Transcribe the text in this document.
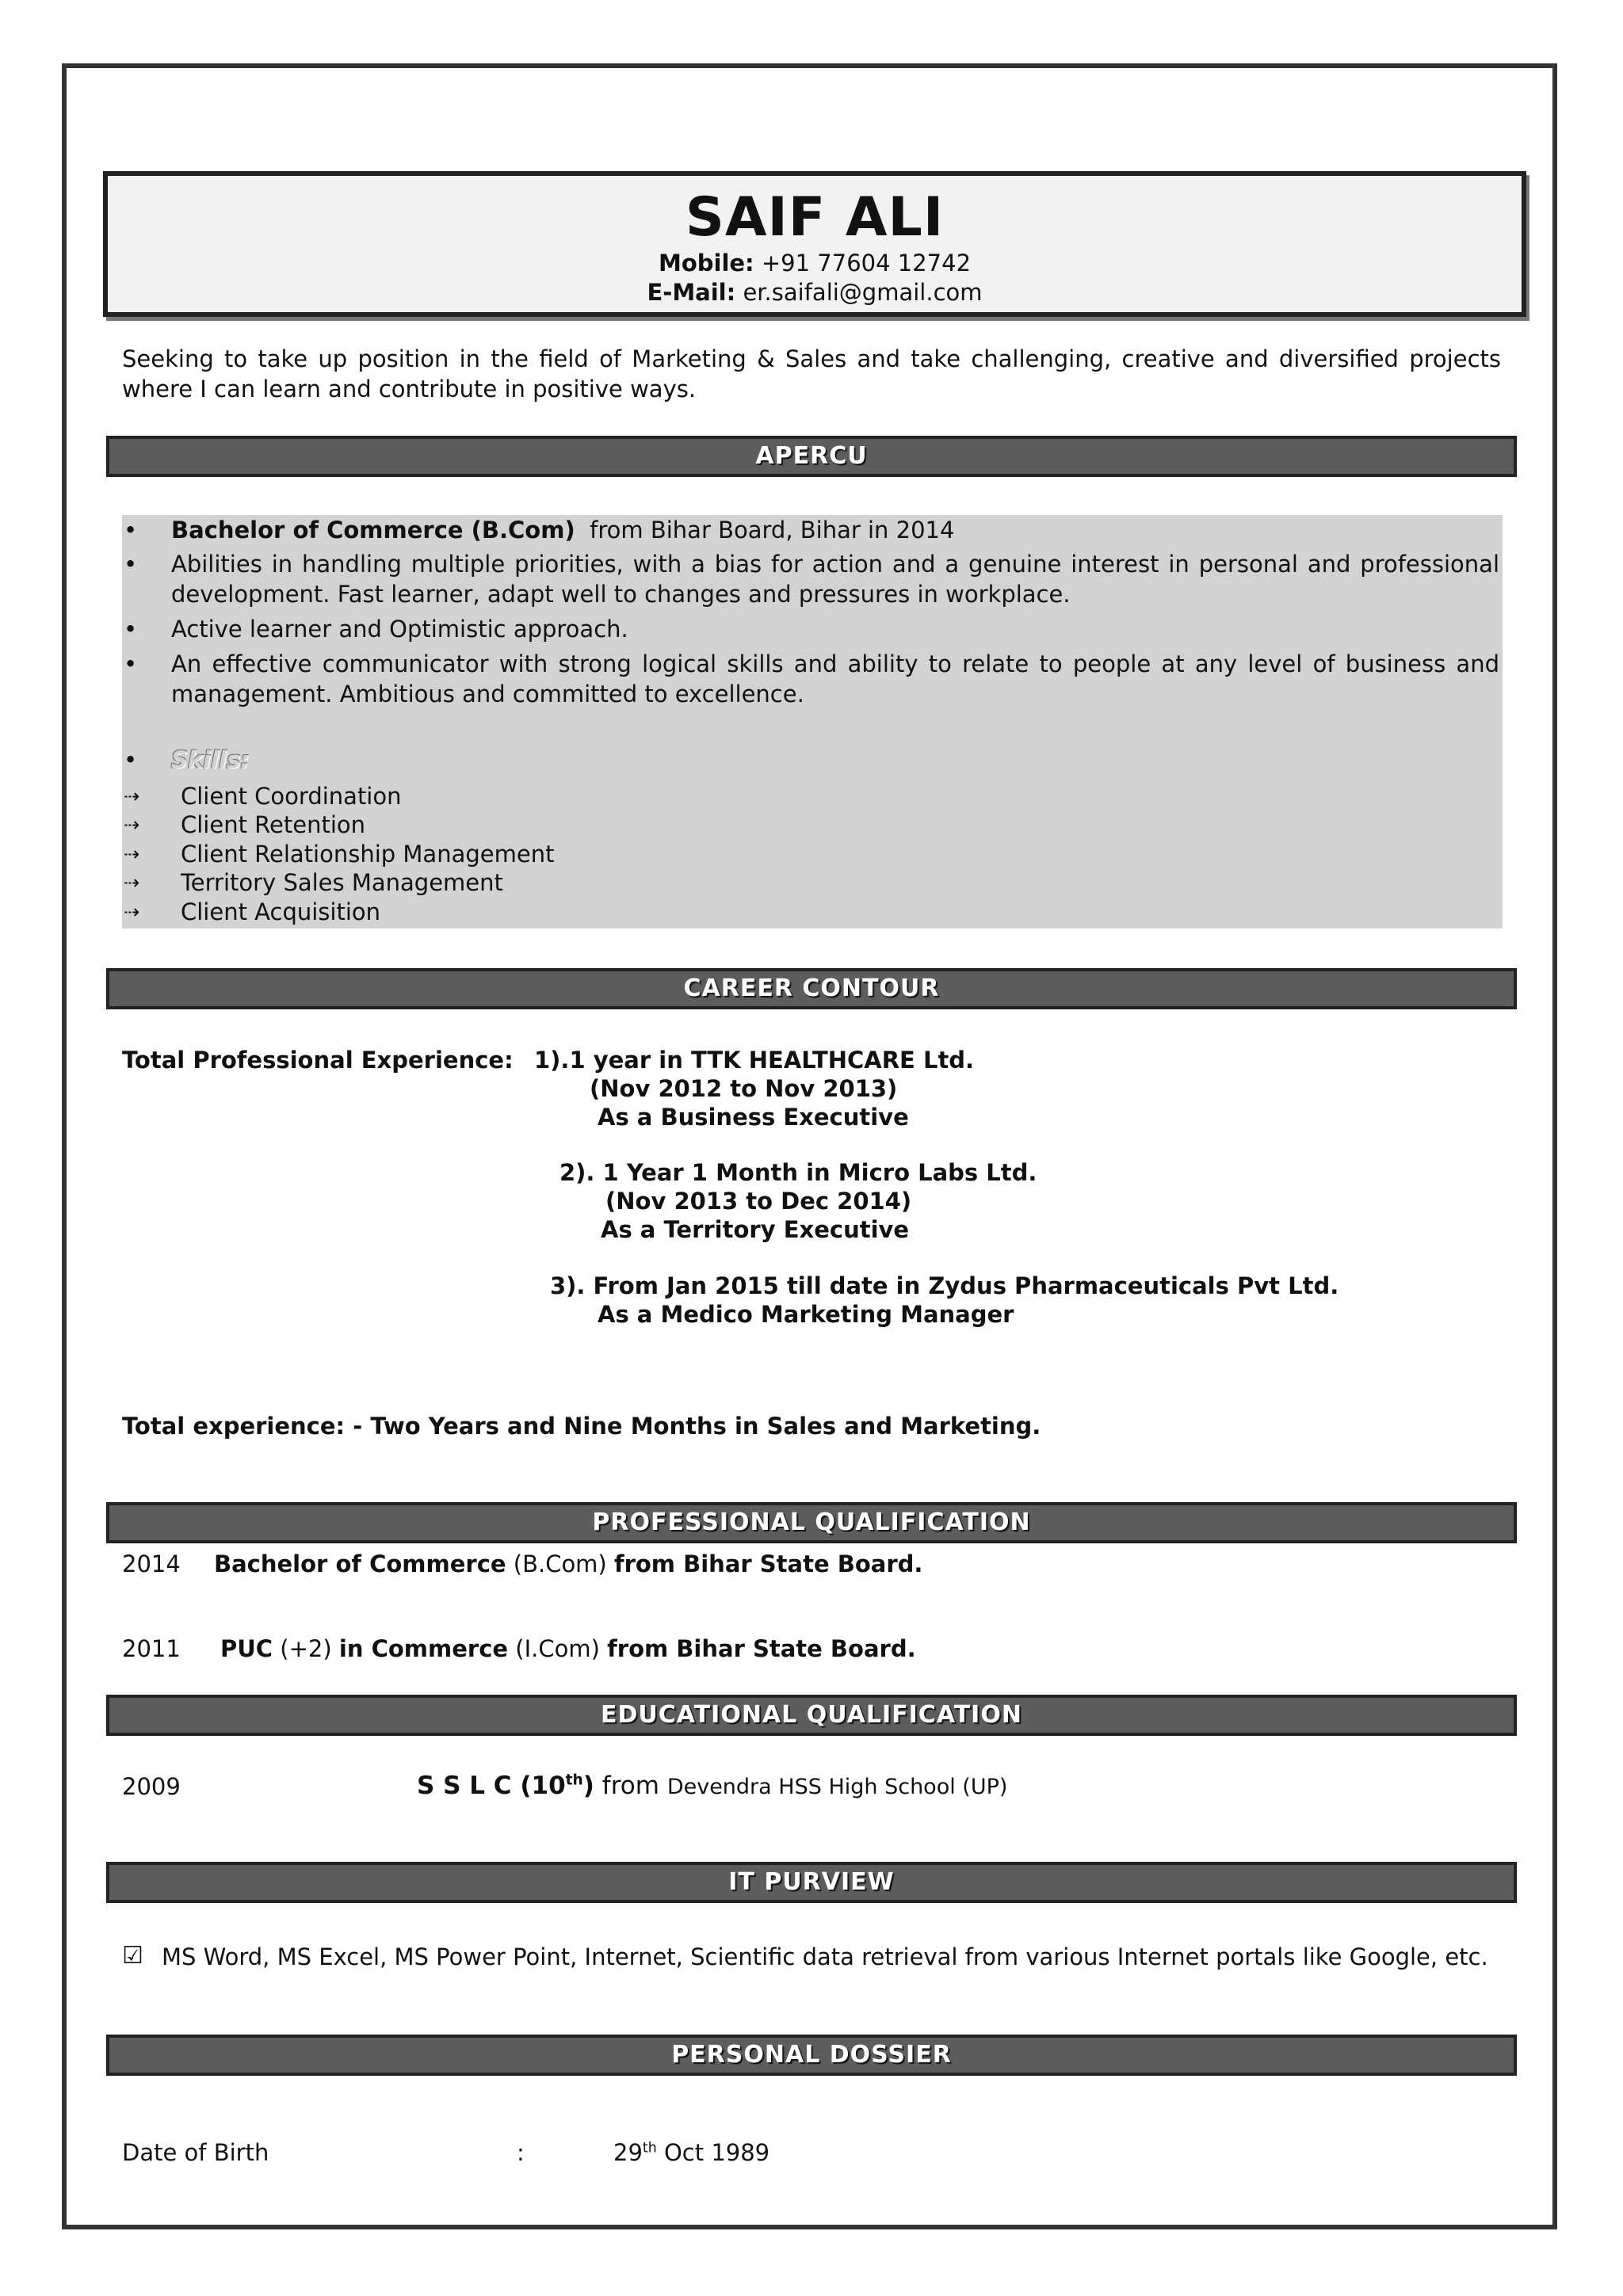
SAIF ALI
Mobile: +91 77604 12742
E-Mail: er.saifali@gmail.com
Seeking to take up position in the field of Marketing & Sales and take challenging, creative and diversified projects where I can learn and contribute in positive ways.
APERCU
• Bachelor of Commerce (B.Com)  from Bihar Board, Bihar in 2014
• Abilities in handling multiple priorities, with a bias for action and a genuine interest in personal and professional development. Fast learner, adapt well to changes and pressures in workplace.
• Active learner and Optimistic approach.
• An effective communicator with strong logical skills and ability to relate to people at any level of business and management. Ambitious and committed to excellence.
• Skills:
⇢ Client Coordination
⇢ Client Retention
⇢ Client Relationship Management
⇢ Territory Sales Management
⇢ Client Acquisition
CAREER CONTOUR
Total Professional Experience: 1).1 year in TTK HEALTHCARE Ltd.
(Nov 2012 to Nov 2013)
As a Business Executive
2). 1 Year 1 Month in Micro Labs Ltd.
(Nov 2013 to Dec 2014)
As a Territory Executive
3). From Jan 2015 till date in Zydus Pharmaceuticals Pvt Ltd.
As a Medico Marketing Manager
Total experience: - Two Years and Nine Months in Sales and Marketing.
PROFESSIONAL QUALIFICATION
2014 Bachelor of Commerce (B.Com) from Bihar State Board.
2011 PUC (+2) in Commerce (I.Com) from Bihar State Board.
EDUCATIONAL QUALIFICATION
2009	S S L C (10th) from Devendra HSS High School (UP)
IT PURVIEW
☑ MS Word, MS Excel, MS Power Point, Internet, Scientific data retrieval from various Internet portals like Google, etc.
PERSONAL DOSSIER
Date of Birth	:	29th Oct 1989
